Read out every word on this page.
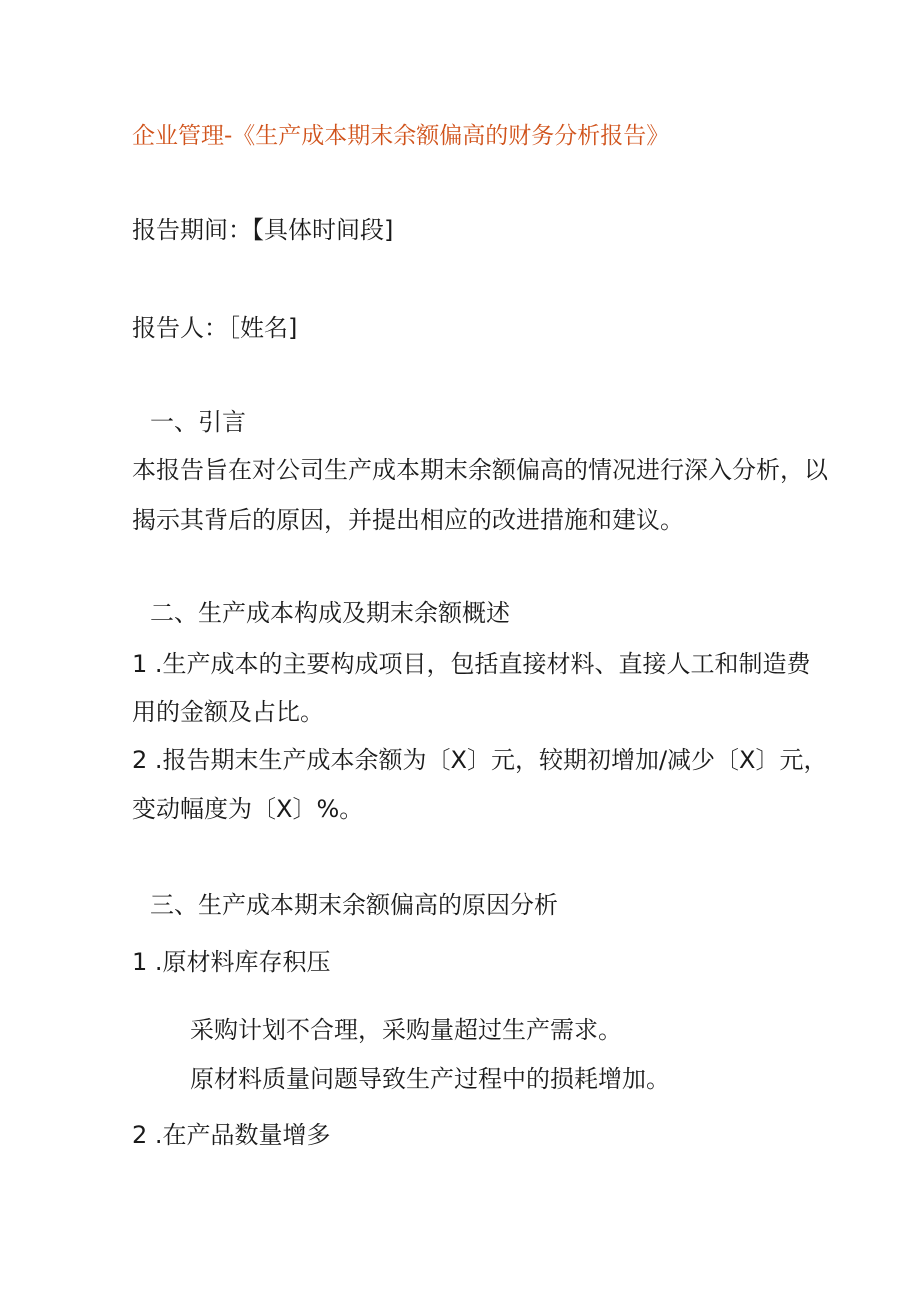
企业管理-《生产成本期末余额偏高的财务分析报告》
报告期间：【具体时间段]
报告人：［姓名]
一、引言
本报告旨在对公司生产成本期末余额偏高的情况进行深入分析，以
揭示其背后的原因，并提出相应的改进措施和建议。
二、生产成本构成及期末余额概述
1 .生产成本的主要构成项目，包括直接材料、直接人工和制造费
用的金额及占比。
2 .报告期末生产成本余额为〔X〕元，较期初增加/减少〔X〕元，
变动幅度为〔X〕%。
三、生产成本期末余额偏高的原因分析
1 .原材料库存积压
采购计划不合理，采购量超过生产需求。
原材料质量问题导致生产过程中的损耗增加。
2 .在产品数量增多
